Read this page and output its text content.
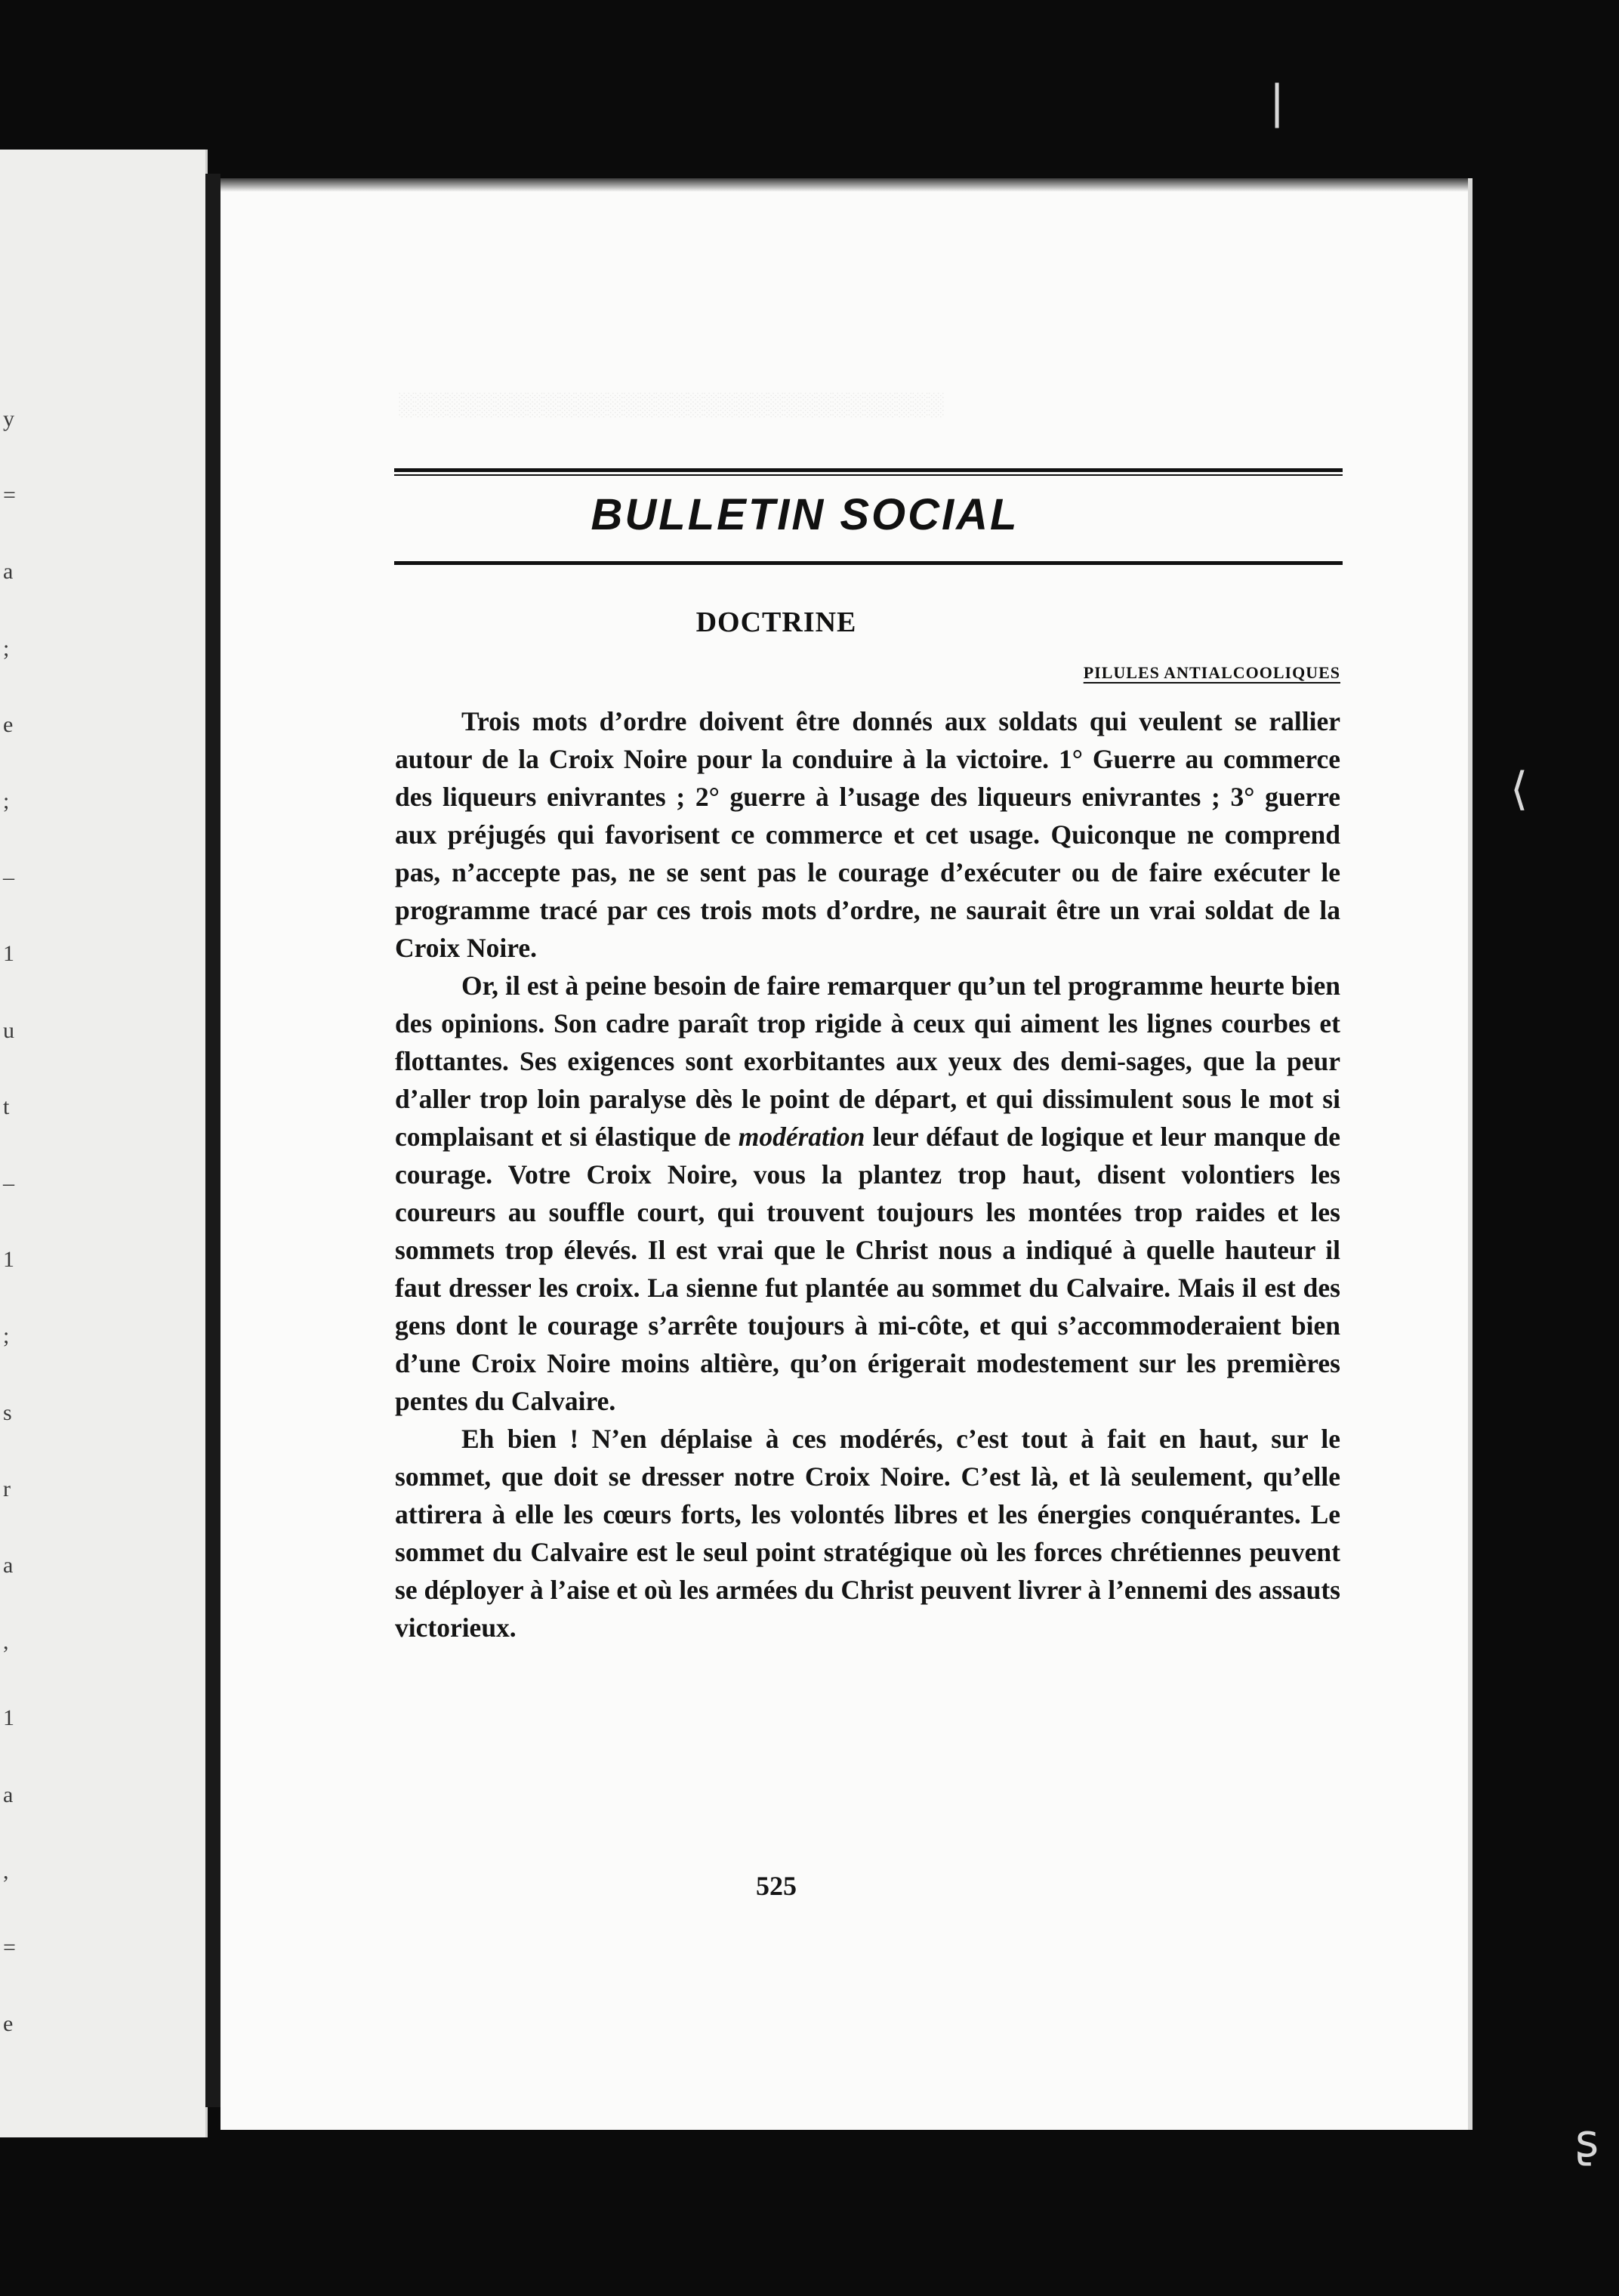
y
=
a
;
e
;
–
1
u
t
–
1
;
s
r
a
,
1
a
,
=
e
░░░░░░░░░░░░░░░░░░░░░░░░░░░░░░░░░░
BULLETIN SOCIAL
DOCTRINE
PILULES ANTIALCOOLIQUES

Trois mots d’ordre doivent être donnés aux soldats qui veulent se rallier autour de la Croix Noire pour la conduire à la victoire. 1° Guerre au commerce des liqueurs enivrantes ; 2° guerre à l’usage des liqueurs enivrantes ; 3° guerre aux préjugés qui favorisent ce commerce et cet usage. Quiconque ne comprend pas, n’accepte pas, ne se sent pas le courage d’exécuter ou de faire exécuter le programme tracé par ces trois mots d’ordre, ne saurait être un vrai soldat de la Croix Noire.

Or, il est à peine besoin de faire remarquer qu’un tel programme heurte bien des opinions. Son cadre paraît trop rigide à ceux qui aiment les lignes courbes et flottantes. Ses exigences sont exorbitantes aux yeux des demi-sages, que la peur d’aller trop loin paralyse dès le point de départ, et qui dissimulent sous le mot si complaisant et si élastique de modération leur défaut de logique et leur manque de courage. Votre Croix Noire, vous la plantez trop haut, disent volontiers les coureurs au souffle court, qui trouvent toujours les montées trop raides et les sommets trop élevés. Il est vrai que le Christ nous a indiqué à quelle hauteur il faut dresser les croix. La sienne fut plantée au sommet du Calvaire. Mais il est des gens dont le courage s’arrête toujours à mi-côte, et qui s’accommoderaient bien d’une Croix Noire moins altière, qu’on érigerait modestement sur les premières pentes du Calvaire.

Eh bien ! N’en déplaise à ces modérés, c’est tout à fait en haut, sur le sommet, que doit se dresser notre Croix Noire. C’est là, et là seulement, qu’elle attirera à elle les cœurs forts, les volontés libres et les énergies conquérantes. Le sommet du Calvaire est le seul point stratégique où les forces chrétiennes peuvent se déployer à l’aise et où les armées du Christ peuvent livrer à l’ennemi des assauts victorieux.

525
❘
⟨
ʂ
